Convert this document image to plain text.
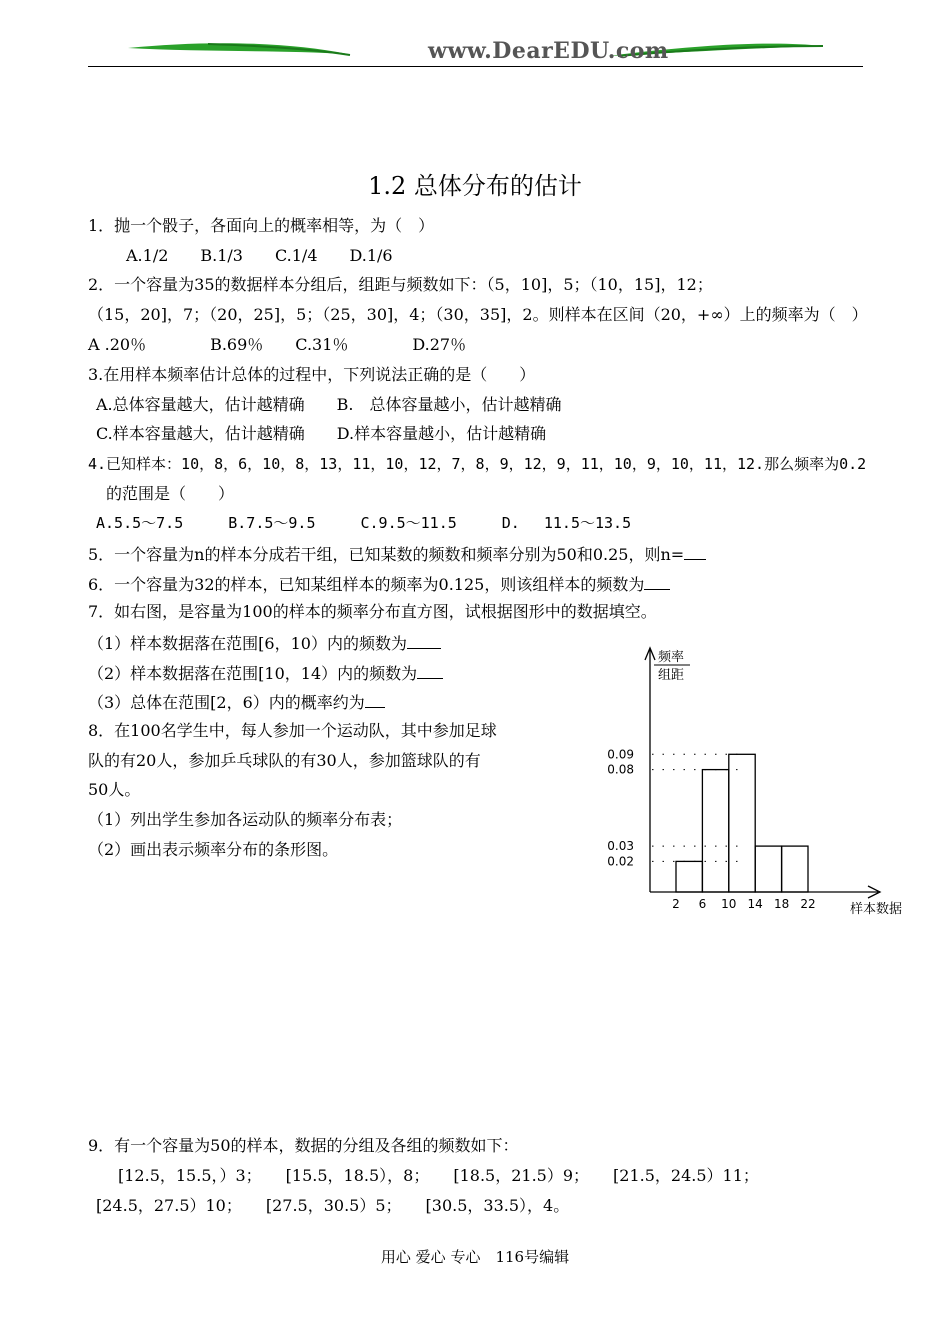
www.DearEDU.com
1.2 总体分布的估计
1．抛一个骰子，各面向上的概率相等，为（　）
A.1/2　　B.1/3　　C.1/4　　D.1/6
2．一个容量为35的数据样本分组后，组距与频数如下：（5，10]，5；（10，15]，12；
（15，20]，7；（20，25]，5；（25，30]，4；（30，35]，2。则样本在区间（20，+∞）上的频率为（　）
A .20％　　　　B.69％　　C.31％　　　　D.27％
3.在用样本频率估计总体的过程中，下列说法正确的是（　　）
A.总体容量越大，估计越精确　　B.　总体容量越小，估计越精确
C.样本容量越大，估计越精确　　D.样本容量越小，估计越精确
4.已知样本：10，8，6，10，8，13，11，10，12，7，8，9，12，9，11，10，9，10，11，12.那么频率为0.2
的范围是（　　）
A.5.5～7.5　　　B.7.5～9.5　　　C.9.5～11.5　　　D.　 11.5～13.5
5．一个容量为n的样本分成若干组，已知某数的频数和频率分别为50和0.25，则n=
6．一个容量为32的样本，已知某组样本的频率为0.125，则该组样本的频数为
7．如右图，是容量为100的样本的频率分布直方图，试根据图形中的数据填空。
（1）样本数据落在范围[6，10）内的频数为
（2）样本数据落在范围[10，14）内的频数为
（3）总体在范围[2，6）内的概率约为
8．在100名学生中，每人参加一个运动队，其中参加足球
队的有20人，参加乒乓球队的有30人，参加篮球队的有
50人。
（1）列出学生参加各运动队的频率分布表；
（2）画出表示频率分布的条形图。
频率
组距
样本数据
2 6 10 14 18 22
0.09
0.08
0.03
0.02
9．有一个容量为50的样本，数据的分组及各组的频数如下：
[12.5，15.5，）3；　　[15.5，18.5），8；　　[18.5，21.5）9；　　[21.5，24.5）11；
[24.5，27.5）10；　　[27.5，30.5）5；　　[30.5，33.5），4。
用心 爱心 专心　116号编辑
